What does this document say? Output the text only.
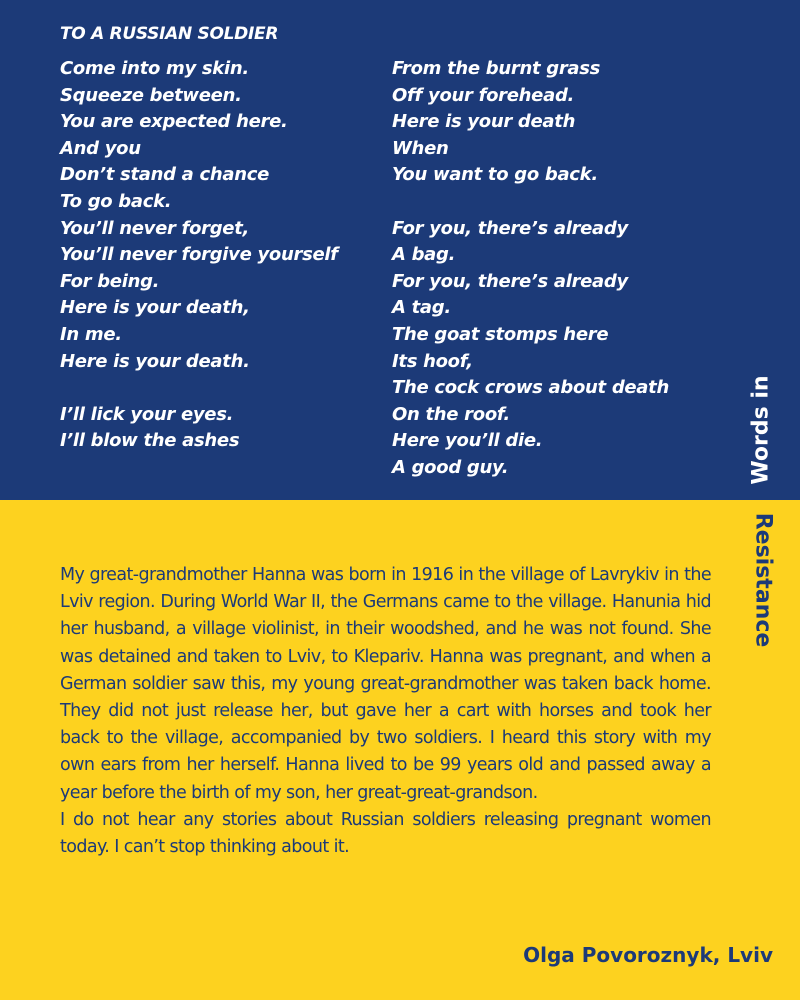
TO A RUSSIAN SOLDIER
Come into my skin.
Squeeze between.
You are expected here.
And you
Don’t stand a chance
To go back.
You’ll never forget,
You’ll never forgive yourself
For being.
Here is your death,
In me.
Here is your death.
I’ll lick your eyes.
I’ll blow the ashes
From the burnt grass
Off your forehead.
Here is your death
When
You want to go back.
For you, there’s already
A bag.
For you, there’s already
A tag.
The goat stomps here
Its hoof,
The cock crows about death
On the roof.
Here you’ll die.
A good guy.	Words in
Resistance

My great-grandmother Hanna was born in 1916 in the village of Lavrykiv in the Lviv region. During World War II, the Germans came to the village. Hanunia hid her husband, a village violinist, in their woodshed, and he was not found. She was detained and taken to Lviv, to Klepariv. Hanna was pregnant, and when a German soldier saw this, my young great-grandmother was taken back home. They did not just release her, but gave her a cart with horses and took her back to the village, accompanied by two soldiers. I heard this story with my own ears from her herself. Hanna lived to be 99 years old and passed away a year before the birth of my son, her great-great-grandson.

I do not hear any stories about Russian soldiers releasing pregnant women today. I can’t stop thinking about it.

Olga Povoroznyk, Lviv
